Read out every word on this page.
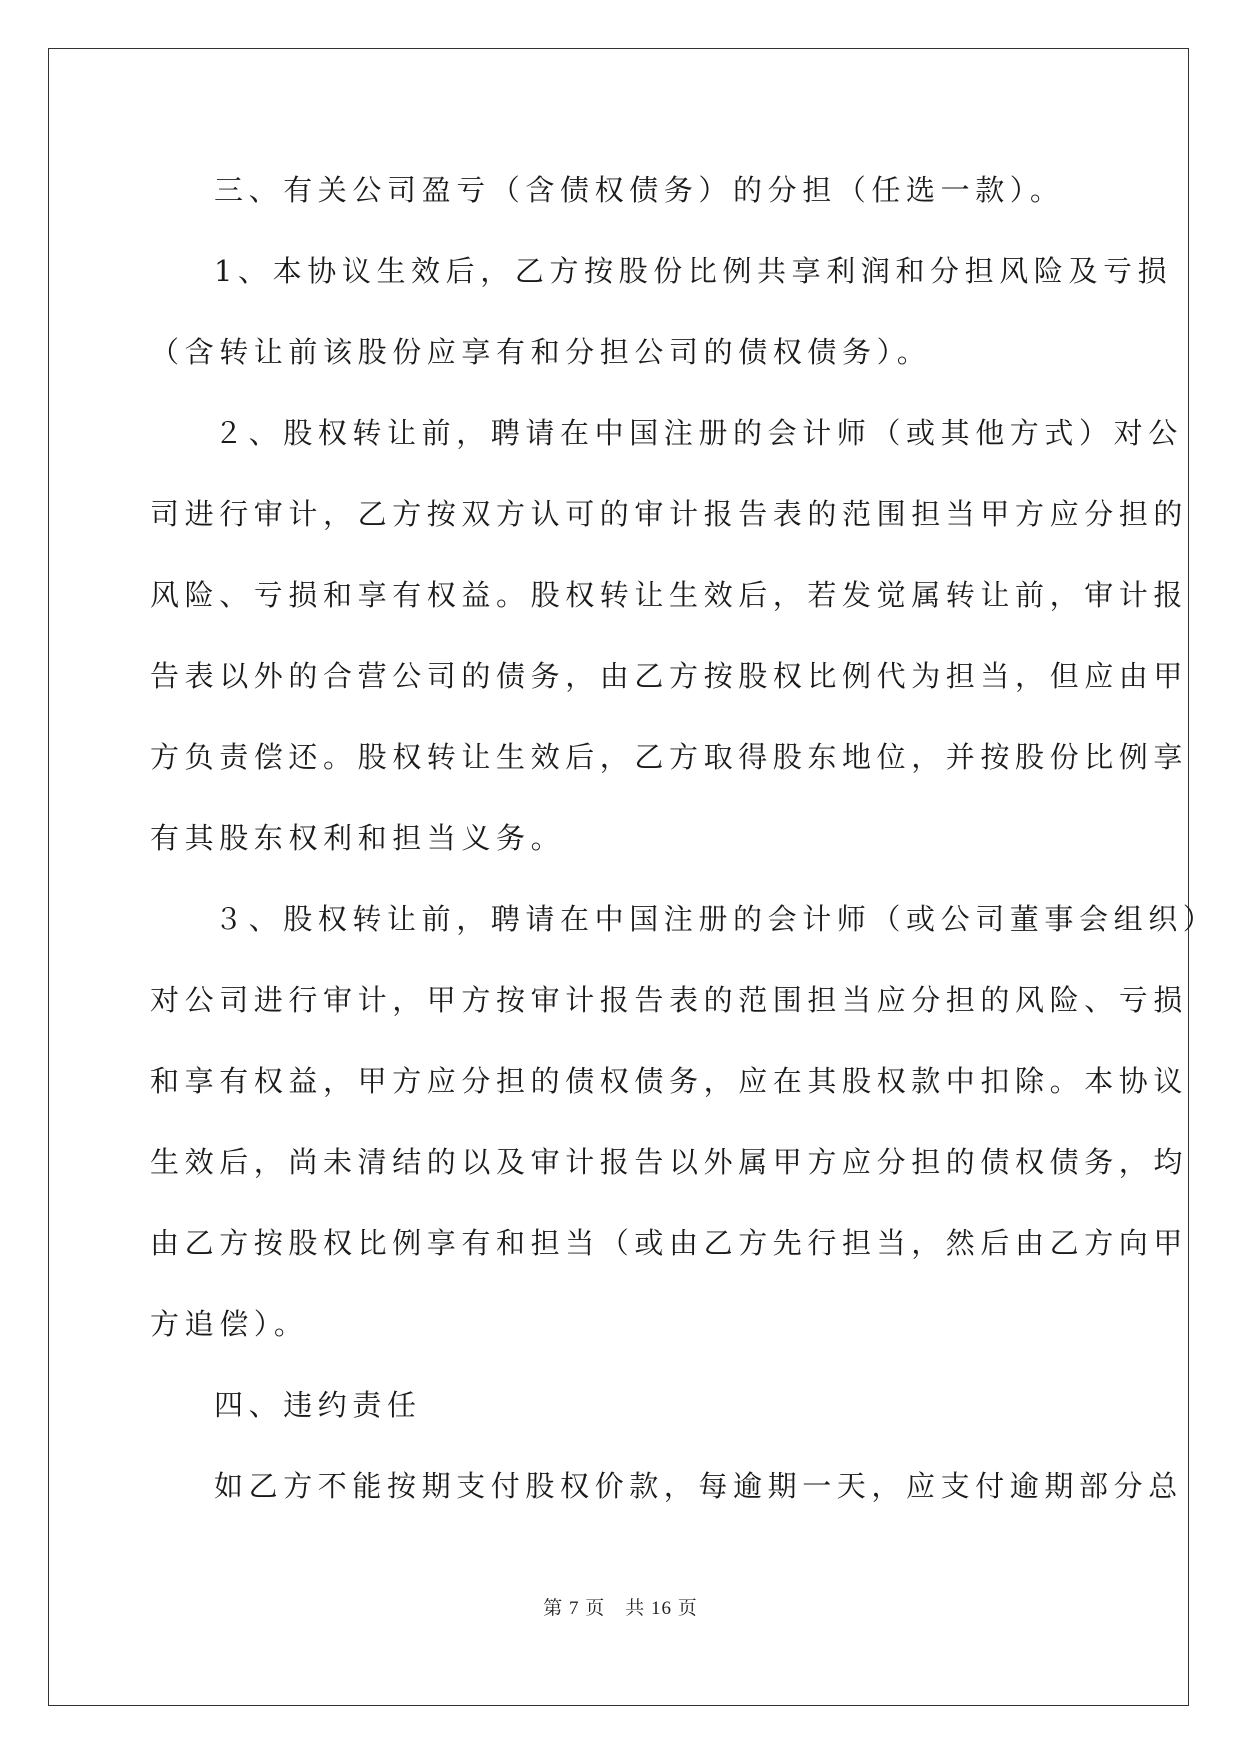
三、有关公司盈亏（含债权债务）的分担（任选一款）。
1、本协议生效后，乙方按股份比例共享利润和分担风险及亏损
（含转让前该股份应享有和分担公司的债权债务）。
２、股权转让前，聘请在中国注册的会计师（或其他方式）对公
司进行审计，乙方按双方认可的审计报告表的范围担当甲方应分担的
风险、亏损和享有权益。股权转让生效后，若发觉属转让前，审计报
告表以外的合营公司的债务，由乙方按股权比例代为担当，但应由甲
方负责偿还。股权转让生效后，乙方取得股东地位，并按股份比例享
有其股东权利和担当义务。
３、股权转让前，聘请在中国注册的会计师（或公司董事会组织）
对公司进行审计，甲方按审计报告表的范围担当应分担的风险、亏损
和享有权益，甲方应分担的债权债务，应在其股权款中扣除。本协议
生效后，尚未清结的以及审计报告以外属甲方应分担的债权债务，均
由乙方按股权比例享有和担当（或由乙方先行担当，然后由乙方向甲
方追偿）。
四、违约责任
如乙方不能按期支付股权价款，每逾期一天，应支付逾期部分总
第 7 页　共 16 页
